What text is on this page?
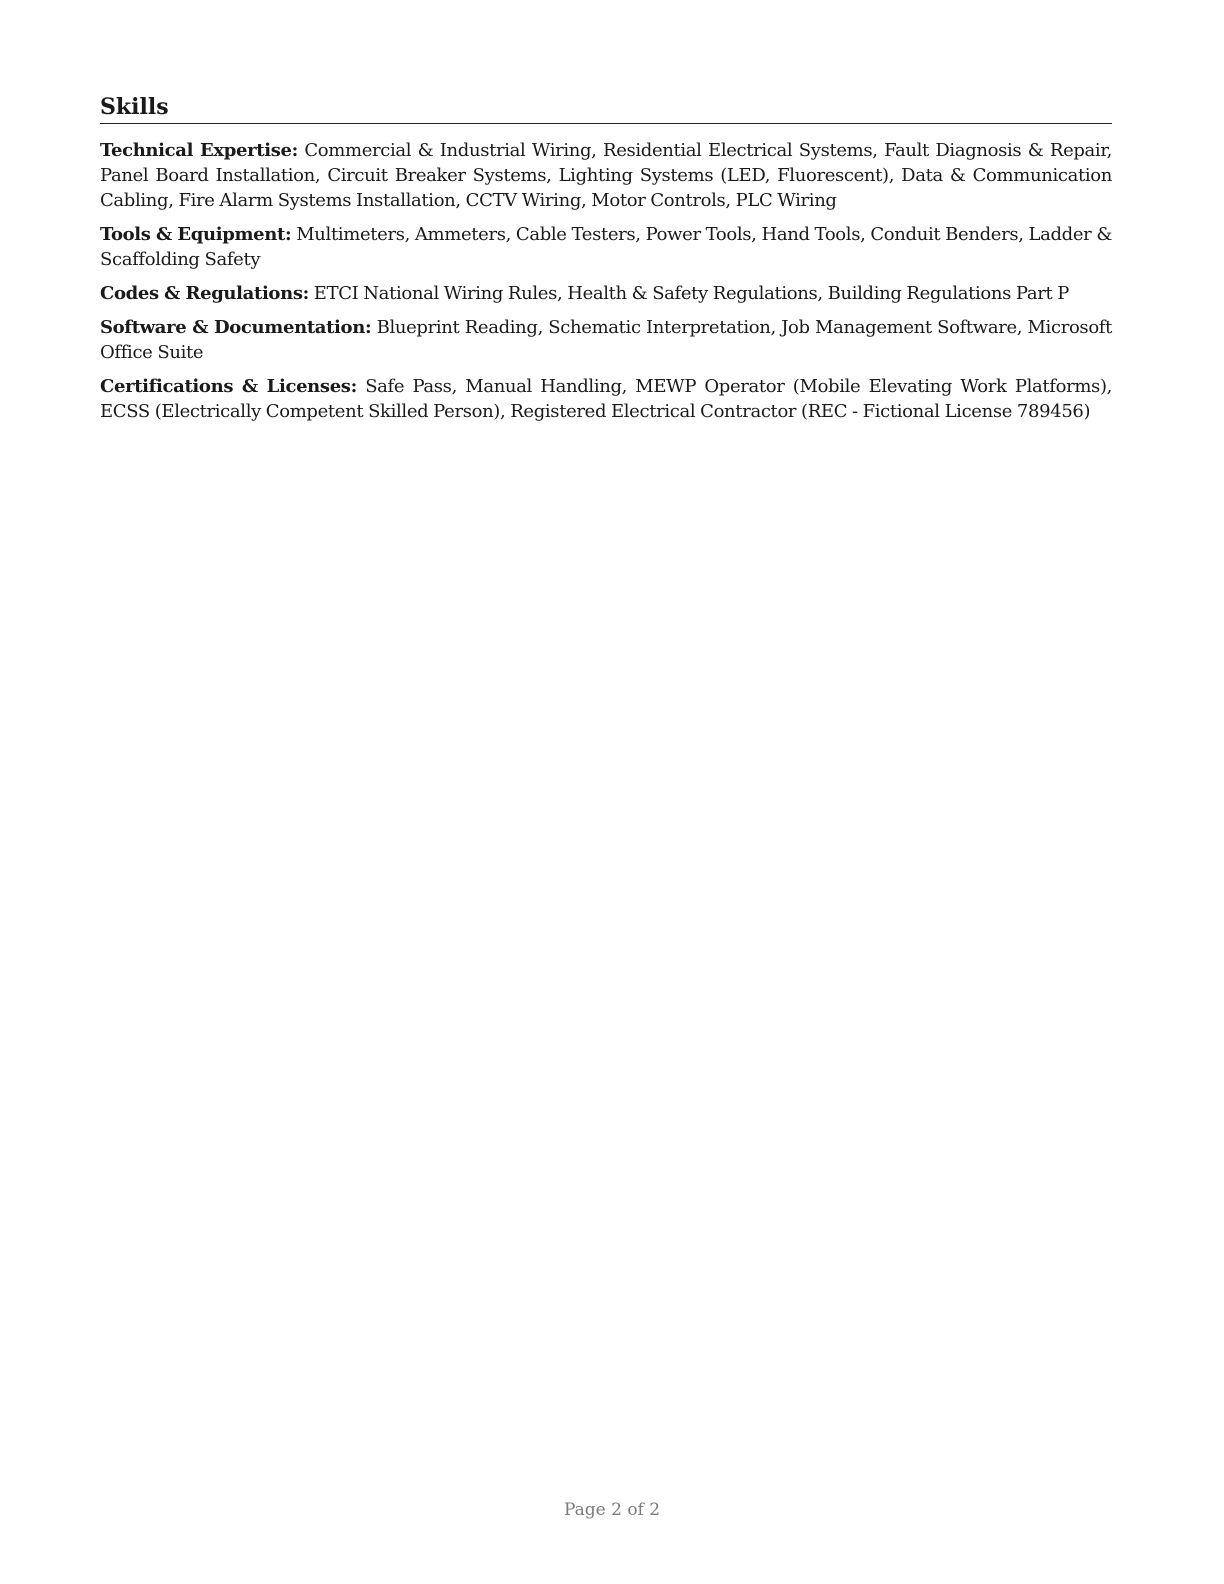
Skills

Technical Expertise: Commercial & Industrial Wiring, Residential Electrical Systems, Fault Diagnosis & Repair, Panel Board Installation, Circuit Breaker Systems, Lighting Systems (LED, Fluorescent), Data & Communication Cabling, Fire Alarm Systems Installation, CCTV Wiring, Motor Controls, PLC Wiring

Tools & Equipment: Multimeters, Ammeters, Cable Testers, Power Tools, Hand Tools, Conduit Benders, Ladder & Scaffolding Safety

Codes & Regulations: ETCI National Wiring Rules, Health & Safety Regulations, Building Regulations Part P

Software & Documentation: Blueprint Reading, Schematic Interpretation, Job Management Software, Microsoft Office Suite

Certifications & Licenses: Safe Pass, Manual Handling, MEWP Operator (Mobile Elevating Work Platforms), ECSS (Electrically Competent Skilled Person), Registered Electrical Contractor (REC - Fictional License 789456)

Page 2 of 2
